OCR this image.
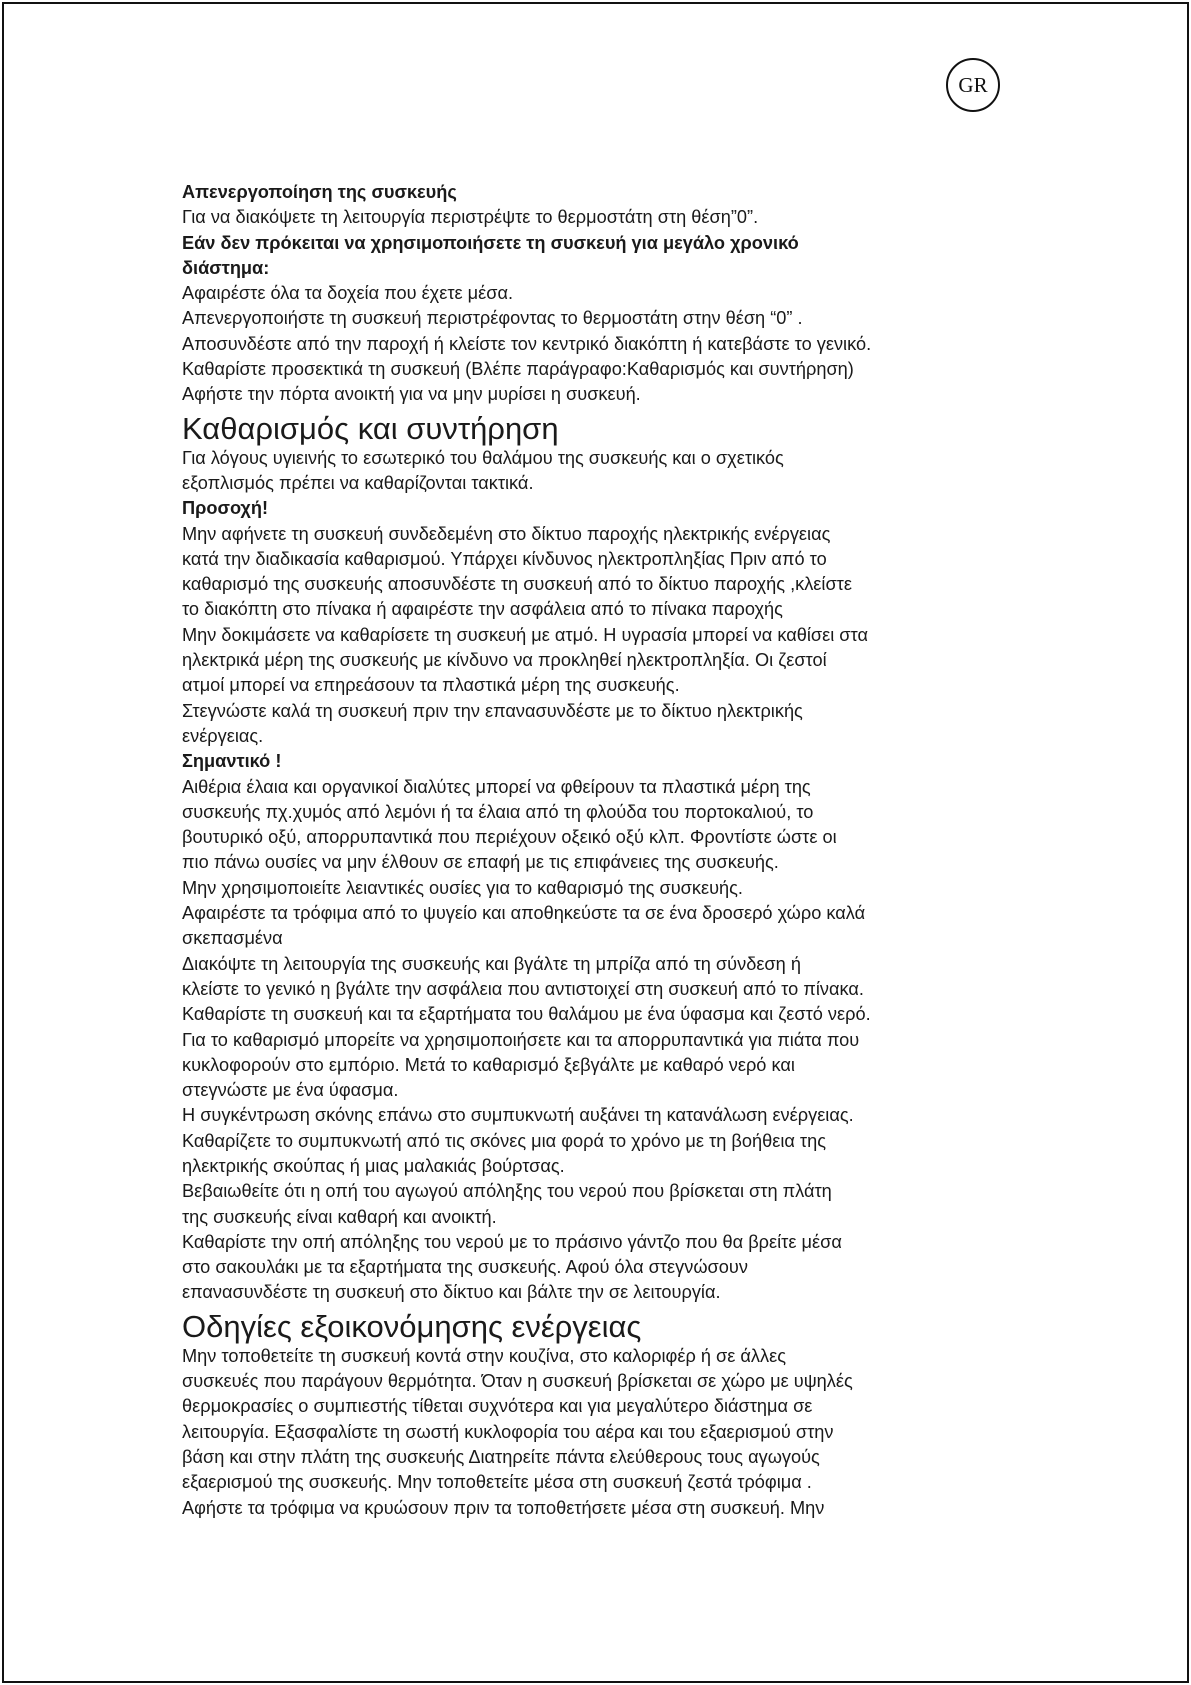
GR

Απενεργοποίηση της συσκευής

Για να διακόψετε τη λειτουργία περιστρέψτε το θερμοστάτη στη θέση”0”.

Εάν δεν πρόκειται να χρησιμοποιήσετε τη συσκευή για μεγάλο χρονικό

διάστημα:

Αφαιρέστε όλα τα δοχεία που έχετε μέσα.

Απενεργοποιήστε τη συσκευή περιστρέφοντας το θερμοστάτη στην θέση “0” .

Αποσυνδέστε από την παροχή ή κλείστε τον κεντρικό διακόπτη ή κατεβάστε το γενικό.

Καθαρίστε προσεκτικά τη συσκευή (Βλέπε παράγραφο:Καθαρισμός και συντήρηση)

Αφήστε την πόρτα ανοικτή για να μην μυρίσει η συσκευή.

Καθαρισμός και συντήρηση

Για λόγους υγιεινής το εσωτερικό του θαλάμου της συσκευής και ο σχετικός

εξοπλισμός πρέπει να καθαρίζονται τακτικά.

Προσοχή!

Μην αφήνετε τη συσκευή συνδεδεμένη στο δίκτυο παροχής ηλεκτρικής ενέργειας

κατά την διαδικασία καθαρισμού. Υπάρχει κίνδυνος ηλεκτροπληξίας Πριν από το

καθαρισμό της συσκευής αποσυνδέστε τη συσκευή από το δίκτυο παροχής ,κλείστε

το διακόπτη στο πίνακα ή αφαιρέστε την ασφάλεια από το πίνακα παροχής

Μην δοκιμάσετε να καθαρίσετε τη συσκευή με ατμό. Η υγρασία μπορεί να καθίσει στα

ηλεκτρικά μέρη της συσκευής με κίνδυνο να προκληθεί ηλεκτροπληξία. Οι ζεστοί

ατμοί μπορεί να επηρεάσουν τα πλαστικά μέρη της συσκευής.

Στεγνώστε καλά τη συσκευή πριν την επανασυνδέστε με το δίκτυο ηλεκτρικής

ενέργειας.

Σημαντικό !

Αιθέρια έλαια και οργανικοί διαλύτες μπορεί να φθείρουν τα πλαστικά μέρη της

συσκευής πχ.χυμός από λεμόνι ή τα έλαια από τη φλούδα του πορτοκαλιού, το

βουτυρικό οξύ, απορρυπαντικά που περιέχουν οξεικό οξύ κλπ. Φροντίστε ώστε οι

πιο πάνω ουσίες να μην έλθουν σε επαφή με τις επιφάνειες της συσκευής.

Μην χρησιμοποιείτε λειαντικές ουσίες για το καθαρισμό της συσκευής.

Αφαιρέστε τα τρόφιμα από το ψυγείο και αποθηκεύστε τα σε ένα δροσερό χώρο καλά

σκεπασμένα

Διακόψτε τη λειτουργία της συσκευής και βγάλτε τη μπρίζα από τη σύνδεση ή

κλείστε το γενικό η βγάλτε την ασφάλεια που αντιστοιχεί στη συσκευή από το πίνακα.

Καθαρίστε τη συσκευή και τα εξαρτήματα του θαλάμου με ένα ύφασμα και ζεστό νερό.

Για το καθαρισμό μπορείτε να χρησιμοποιήσετε και τα απορρυπαντικά για πιάτα που

κυκλοφορούν στο εμπόριο. Μετά το καθαρισμό ξεβγάλτε με καθαρό νερό και

στεγνώστε με ένα ύφασμα.

Η συγκέντρωση σκόνης επάνω στο συμπυκνωτή αυξάνει τη κατανάλωση ενέργειας.

Καθαρίζετε το συμπυκνωτή από τις σκόνες μια φορά το χρόνο με τη βοήθεια της

ηλεκτρικής σκούπας ή μιας μαλακιάς βούρτσας.

Βεβαιωθείτε ότι η οπή του αγωγού απόληξης του νερού που βρίσκεται στη πλάτη

της συσκευής είναι καθαρή και ανοικτή.

Καθαρίστε την οπή απόληξης του νερού με το πράσινο γάντζο που θα βρείτε μέσα

στο σακουλάκι με τα εξαρτήματα της συσκευής. Αφού όλα στεγνώσουν

επανασυνδέστε τη συσκευή στο δίκτυο και βάλτε την σε λειτουργία.

Οδηγίες εξοικονόμησης ενέργειας

Μην τοποθετείτε τη συσκευή κοντά στην κουζίνα, στο καλοριφέρ ή σε άλλες

συσκευές που παράγουν θερμότητα. Όταν η συσκευή βρίσκεται σε χώρο με υψηλές

θερμοκρασίες ο συμπιεστής τίθεται συχνότερα και για μεγαλύτερο διάστημα σε

λειτουργία. Εξασφαλίστε τη σωστή κυκλοφορία του αέρα και του εξαερισμού στην

βάση και στην πλάτη της συσκευής Διατηρείτε πάντα ελεύθερους τους αγωγούς

εξαερισμού της συσκευής. Μην τοποθετείτε μέσα στη συσκευή ζεστά τρόφιμα .

Αφήστε τα τρόφιμα να κρυώσουν πριν τα τοποθετήσετε μέσα στη συσκευή. Μην
